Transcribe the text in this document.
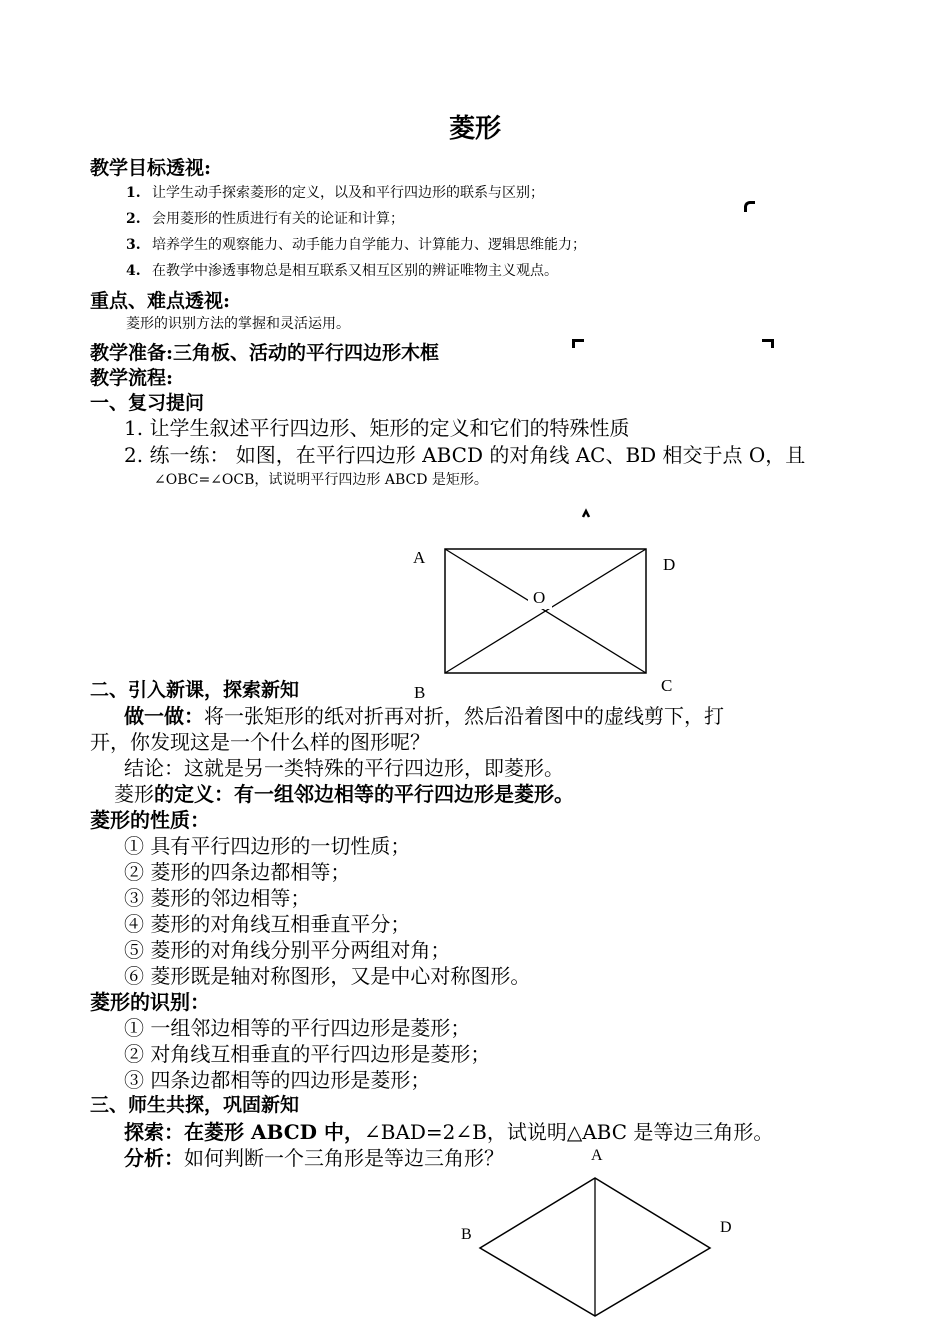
菱形
教学目标透视:
1. 让学生动手探索菱形的定义，以及和平行四边形的联系与区别；
2. 会用菱形的性质进行有关的论证和计算；
3. 培养学生的观察能力、动手能力自学能力、计算能力、逻辑思维能力；
4. 在教学中渗透事物总是相互联系又相互区别的辨证唯物主义观点。
重点、难点透视:
菱形的识别方法的掌握和灵活运用。
教学准备:三角板、活动的平行四边形木框
教学流程:
一、复习提问
1. 让学生叙述平行四边形、矩形的定义和它们的特殊性质
2. 练一练： 如图，在平行四边形 ABCD 的对角线 AC、BD 相交于点 O，且
∠OBC=∠OCB，试说明平行四边形 ABCD 是矩形。
A	D
O
B	C
二、引入新课，探索新知
做一做：将一张矩形的纸对折再对折，然后沿着图中的虚线剪下，打
开，你发现这是一个什么样的图形呢？
结论：这就是另一类特殊的平行四边形，即菱形。
菱形的定义：有一组邻边相等的平行四边形是菱形。
菱形的性质：
① 具有平行四边形的一切性质；
② 菱形的四条边都相等；
③ 菱形的邻边相等；
④ 菱形的对角线互相垂直平分；
⑤ 菱形的对角线分别平分两组对角；
⑥ 菱形既是轴对称图形，又是中心对称图形。
菱形的识别：
① 一组邻边相等的平行四边形是菱形；
② 对角线互相垂直的平行四边形是菱形；
③ 四条边都相等的四边形是菱形；
三、师生共探，巩固新知
探索：在菱形 ABCD 中，∠BAD=2∠B，试说明△ABC 是等边三角形。
分析：如何判断一个三角形是等边三角形？	A
B	D
